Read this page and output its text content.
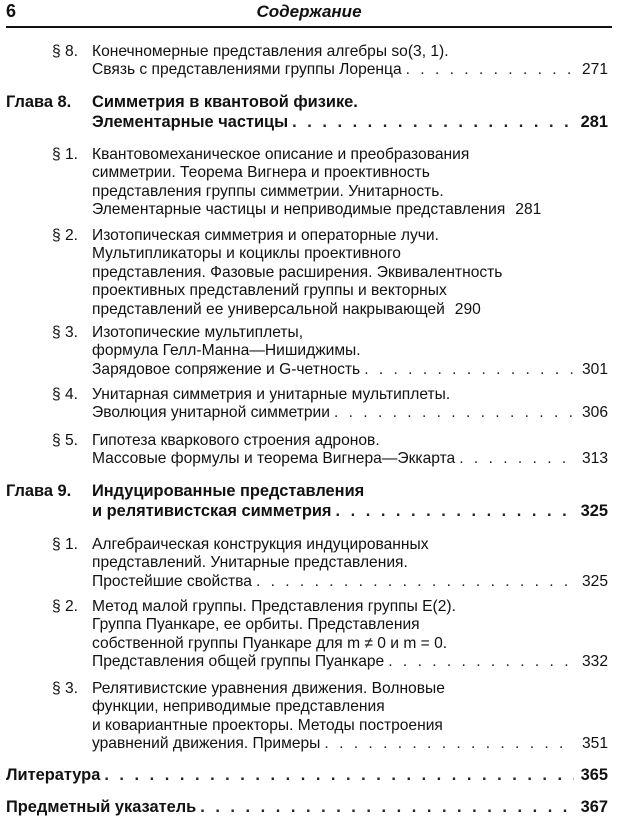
6	Содержание
§ 8. Конечномерные представления алгебры so(3, 1).
Связь с представлениями группы Лоренца . . .	271
Глава 8.	Симметрия в квантовой физике.
Элементарные частицы . . .	281
§ 1. Квантовомеханическое описание и преобразования
симметрии. Теорема Вигнера и проективность
представления группы симметрии. Унитарность.
Элементарные частицы и неприводимые представления 281
§ 2. Изотопическая симметрия и операторные лучи.
Мультипликаторы и коциклы проективного
представления. Фазовые расширения. Эквивалентность
проективных представлений группы и векторных
представлений ее универсальной накрывающей 290
§ 3. Изотопические мультиплеты,
формула Гелл-Манна—Нишиджимы.
Зарядовое сопряжение и G-четность . . .	301
§ 4. Унитарная симметрия и унитарные мультиплеты.
Эволюция унитарной симметрии . . .	306
§ 5. Гипотеза кваркового строения адронов.
Массовые формулы и теорема Вигнера—Эккарта . . .	313
Глава 9.	Индуцированные представления
и релятивистская симметрия . . .	325
§ 1. Алгебраическая конструкция индуцированных
представлений. Унитарные представления.
Простейшие свойства . . .	325
§ 2. Метод малой группы. Представления группы E(2).
Группа Пуанкаре, ее орбиты. Представления
собственной группы Пуанкаре для m ≠ 0 и m = 0.
Представления общей группы Пуанкаре . . .	332
§ 3. Релятивистские уравнения движения. Волновые
функции, неприводимые представления
и ковариантные проекторы. Методы построения
уравнений движения. Примеры . . .	351
Литература . . .	365
Предметный указатель . . .	367
